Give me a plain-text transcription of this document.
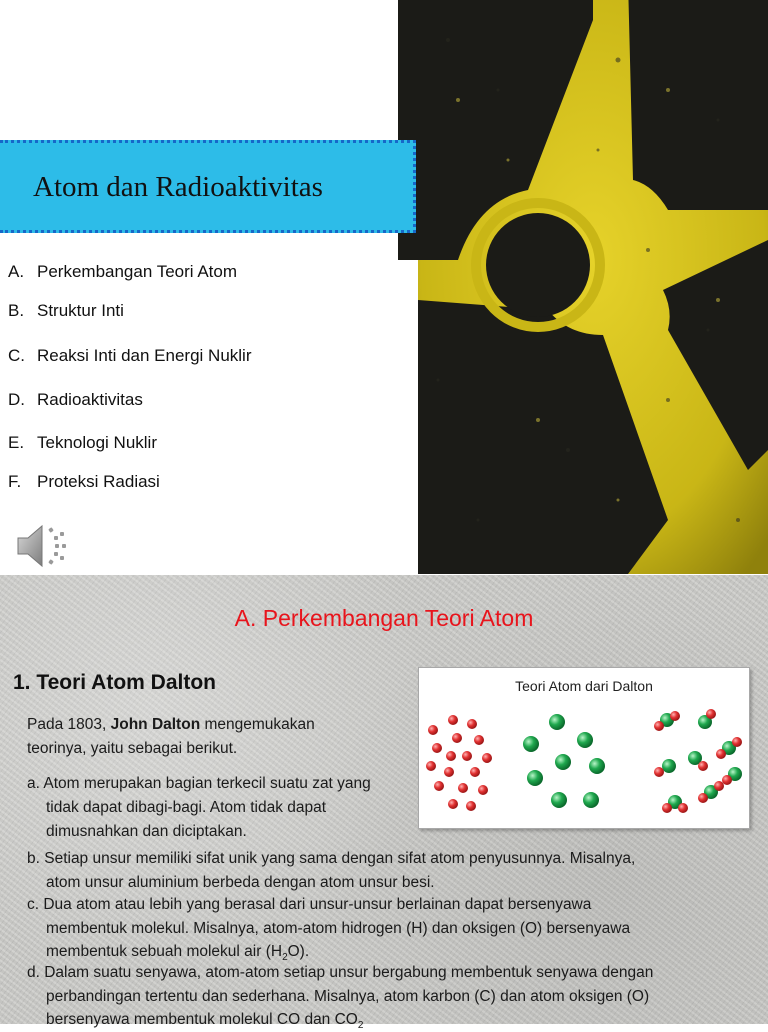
Atom dan Radioaktivitas
A. Perkembangan Teori Atom
B. Struktur Inti
C. Reaksi Inti dan Energi Nuklir
D. Radioaktivitas
E. Teknologi Nuklir
F. Proteksi Radiasi
A. Perkembangan Teori Atom
1. Teori Atom Dalton
Pada 1803, John Dalton mengemukakan
teorinya, yaitu sebagai berikut.
Teori Atom dari Dalton
a. Atom merupakan bagian terkecil suatu zat yang
tidak dapat dibagi-bagi. Atom tidak dapat
dimusnahkan dan diciptakan.
b. Setiap unsur memiliki sifat unik yang sama dengan sifat atom penyusunnya. Misalnya,
atom unsur aluminium berbeda dengan atom unsur besi.
c. Dua atom atau lebih yang berasal dari unsur-unsur berlainan dapat bersenyawa
membentuk molekul. Misalnya, atom-atom hidrogen (H) dan oksigen (O) bersenyawa
membentuk sebuah molekul air $(H_2O)$.
d. Dalam suatu senyawa, atom-atom setiap unsur bergabung membentuk senyawa dengan
perbandingan tertentu dan sederhana. Misalnya, atom karbon (C) dan atom oksigen (O)
bersenyawa membentuk molekul CO dan $CO_2$
